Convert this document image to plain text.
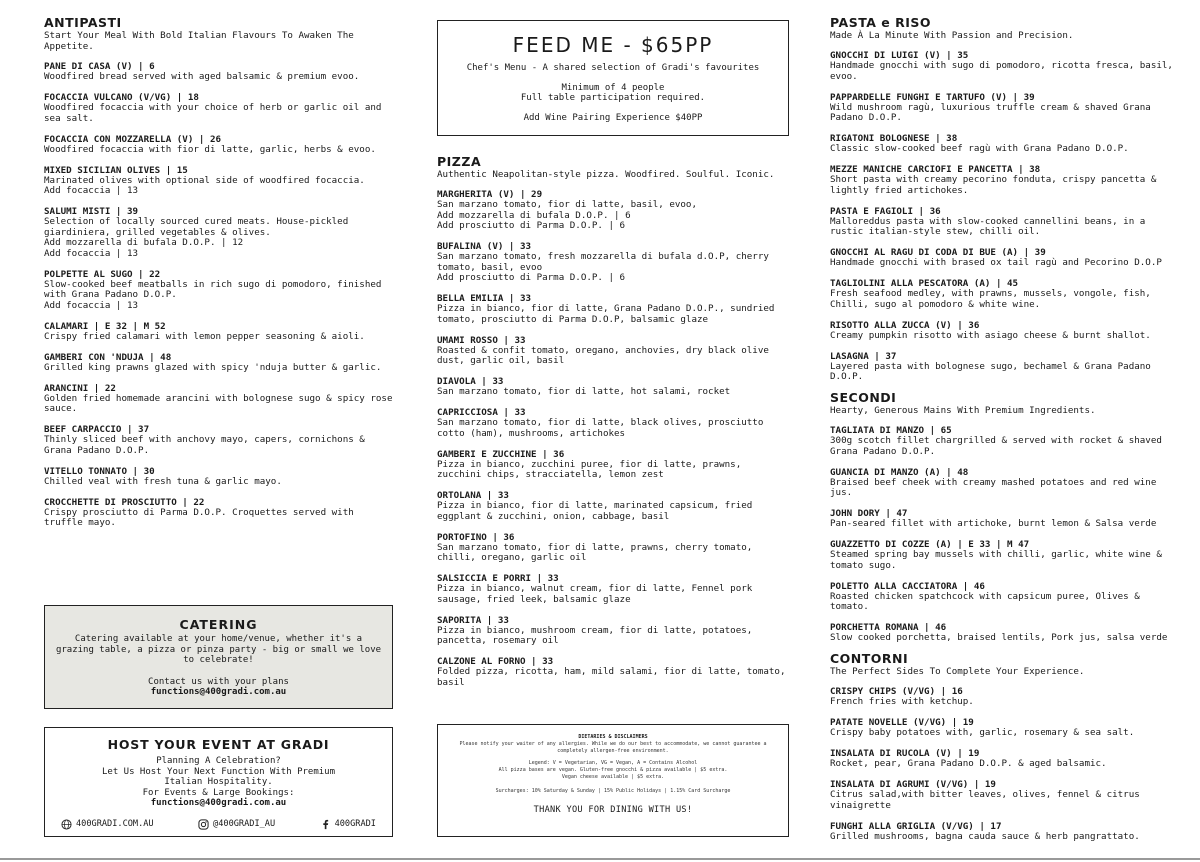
ANTIPASTI
Start Your Meal With Bold Italian Flavours To Awaken The Appetite.
PANE DI CASA (V) | 6
Woodfired bread served with aged balsamic & premium evoo.
FOCACCIA VULCANO (V/VG) | 18
Woodfired focaccia with your choice of herb or garlic oil and sea salt.
FOCACCIA CON MOZZARELLA (V) | 26
Woodfired focaccia with fior di latte, garlic, herbs & evoo.
MIXED SICILIAN OLIVES | 15
Marinated olives with optional side of woodfired focaccia.
Add focaccia | 13
SALUMI MISTI | 39
Selection of locally sourced cured meats. House-pickled giardiniera, grilled vegetables & olives.
Add mozzarella di bufala D.O.P. | 12
Add focaccia | 13
POLPETTE AL SUGO | 22
Slow-cooked beef meatballs in rich sugo di pomodoro, finished with Grana Padano D.O.P.
Add focaccia | 13
CALAMARI | E 32 | M 52
Crispy fried calamari with lemon pepper seasoning & aioli.
GAMBERI CON 'NDUJA | 48
Grilled king prawns glazed with spicy 'nduja butter & garlic.
ARANCINI | 22
Golden fried homemade arancini with bolognese sugo & spicy rose sauce.
BEEF CARPACCIO | 37
Thinly sliced beef with anchovy mayo, capers, cornichons & Grana Padano D.O.P.
VITELLO TONNATO | 30
Chilled veal with fresh tuna & garlic mayo.
CROCCHETTE DI PROSCIUTTO | 22
Crispy prosciutto di Parma D.O.P. Croquettes served with truffle mayo.
CATERING
Catering available at your home/venue, whether it's a grazing table, a pizza or pinza party - big or small we love to celebrate!
Contact us with your plans
functions@400gradi.com.au
HOST YOUR EVENT AT GRADI
Planning A Celebration?
Let Us Host Your Next Function With Premium Italian Hospitality.
For Events & Large Bookings:
functions@400gradi.com.au
400GRADI.COM.AU	@400GRADI_AU	400GRADI
FEED ME - $65PP
Chef's Menu - A shared selection of Gradi's favourites
Minimum of 4 people
Full table participation required.
Add Wine Pairing Experience $40PP
PIZZA
Authentic Neapolitan-style pizza. Woodfired. Soulful. Iconic.
MARGHERITA (V) | 29
San marzano tomato, fior di latte, basil, evoo,
Add mozzarella di bufala D.O.P. | 6
Add prosciutto di Parma D.O.P. | 6
BUFALINA (V) | 33
San marzano tomato, fresh mozzarella di bufala d.O.P, cherry tomato, basil, evoo
Add prosciutto di Parma D.O.P. | 6
BELLA EMILIA | 33
Pizza in bianco, fior di latte, Grana Padano D.O.P., sundried tomato, prosciutto di Parma D.O.P, balsamic glaze
UMAMI ROSSO | 33
Roasted & confit tomato, oregano, anchovies, dry black olive dust, garlic oil, basil
DIAVOLA | 33
San marzano tomato, fior di latte, hot salami, rocket
CAPRICCIOSA | 33
San marzano tomato, fior di latte, black olives, prosciutto cotto (ham), mushrooms, artichokes
GAMBERI E ZUCCHINE | 36
Pizza in bianco, zucchini puree, fior di latte, prawns, zucchini chips, stracciatella, lemon zest
ORTOLANA | 33
Pizza in bianco, fior di latte, marinated capsicum, fried eggplant & zucchini, onion, cabbage, basil
PORTOFINO | 36
San marzano tomato, fior di latte, prawns, cherry tomato, chilli, oregano, garlic oil
SALSICCIA E PORRI | 33
Pizza in bianco, walnut cream, fior di latte, Fennel pork sausage, fried leek, balsamic glaze
SAPORITA | 33
Pizza in bianco, mushroom cream, fior di latte, potatoes, pancetta, rosemary oil
CALZONE AL FORNO | 33
Folded pizza, ricotta, ham, mild salami, fior di latte, tomato, basil
DIETARIES & DISCLAIMERS
Please notify your waiter of any allergies. While we do our best to accommodate, we cannot guarantee a completely allergen-free environment.
Legend: V = Vegetarian, VG = Vegan, A = Contains Alcohol
All pizza bases are vegan. Gluten-free gnocchi & pizza available | $5 extra.
Vegan cheese available | $5 extra.
Surcharges: 10% Saturday & Sunday | 15% Public Holidays | 1.15% Card Surcharge
THANK YOU FOR DINING WITH US!
PASTA e RISO
Made À La Minute With Passion and Precision.
GNOCCHI DI LUIGI (V) | 35
Handmade gnocchi with sugo di pomodoro, ricotta fresca, basil, evoo.
PAPPARDELLE FUNGHI E TARTUFO (V) | 39
Wild mushroom ragù, luxurious truffle cream & shaved Grana Padano D.O.P.
RIGATONI BOLOGNESE | 38
Classic slow-cooked beef ragù with Grana Padano D.O.P.
MEZZE MANICHE CARCIOFI E PANCETTA | 38
Short pasta with creamy pecorino fonduta, crispy pancetta & lightly fried artichokes.
PASTA E FAGIOLI | 36
Malloreddus pasta with slow-cooked cannellini beans, in a rustic italian-style stew, chilli oil.
GNOCCHI AL RAGU DI CODA DI BUE (A) | 39
Handmade gnocchi with brased ox tail ragù and Pecorino D.O.P
TAGLIOLINI ALLA PESCATORA (A) | 45
Fresh seafood medley, with prawns, mussels, vongole, fish, Chilli, sugo al pomodoro & white wine.
RISOTTO ALLA ZUCCA (V) | 36
Creamy pumpkin risotto with asiago cheese & burnt shallot.
LASAGNA | 37
Layered pasta with bolognese sugo, bechamel & Grana Padano D.O.P.
SECONDI
Hearty, Generous Mains With Premium Ingredients.
TAGLIATA DI MANZO | 65
300g scotch fillet chargrilled & served with rocket & shaved Grana Padano D.O.P.
GUANCIA DI MANZO (A) | 48
Braised beef cheek with creamy mashed potatoes and red wine jus.
JOHN DORY | 47
Pan-seared fillet with artichoke, burnt lemon & Salsa verde
GUAZZETTO DI COZZE (A) | E 33 | M 47
Steamed spring bay mussels with chilli, garlic, white wine & tomato sugo.
POLETTO ALLA CACCIATORA | 46
Roasted chicken spatchcock with capsicum puree, Olives & tomato.
PORCHETTA ROMANA | 46
Slow cooked porchetta, braised lentils, Pork jus, salsa verde
CONTORNI
The Perfect Sides To Complete Your Experience.
CRISPY CHIPS (V/VG) | 16
French fries with ketchup.
PATATE NOVELLE (V/VG) | 19
Crispy baby potatoes with, garlic, rosemary & sea salt.
INSALATA DI RUCOLA (V) | 19
Rocket, pear, Grana Padano D.O.P. & aged balsamic.
INSALATA DI AGRUMI (V/VG) | 19
Citrus salad,with bitter leaves, olives, fennel & citrus vinaigrette
FUNGHI ALLA GRIGLIA (V/VG) | 17
Grilled mushrooms, bagna cauda sauce & herb pangrattato.
